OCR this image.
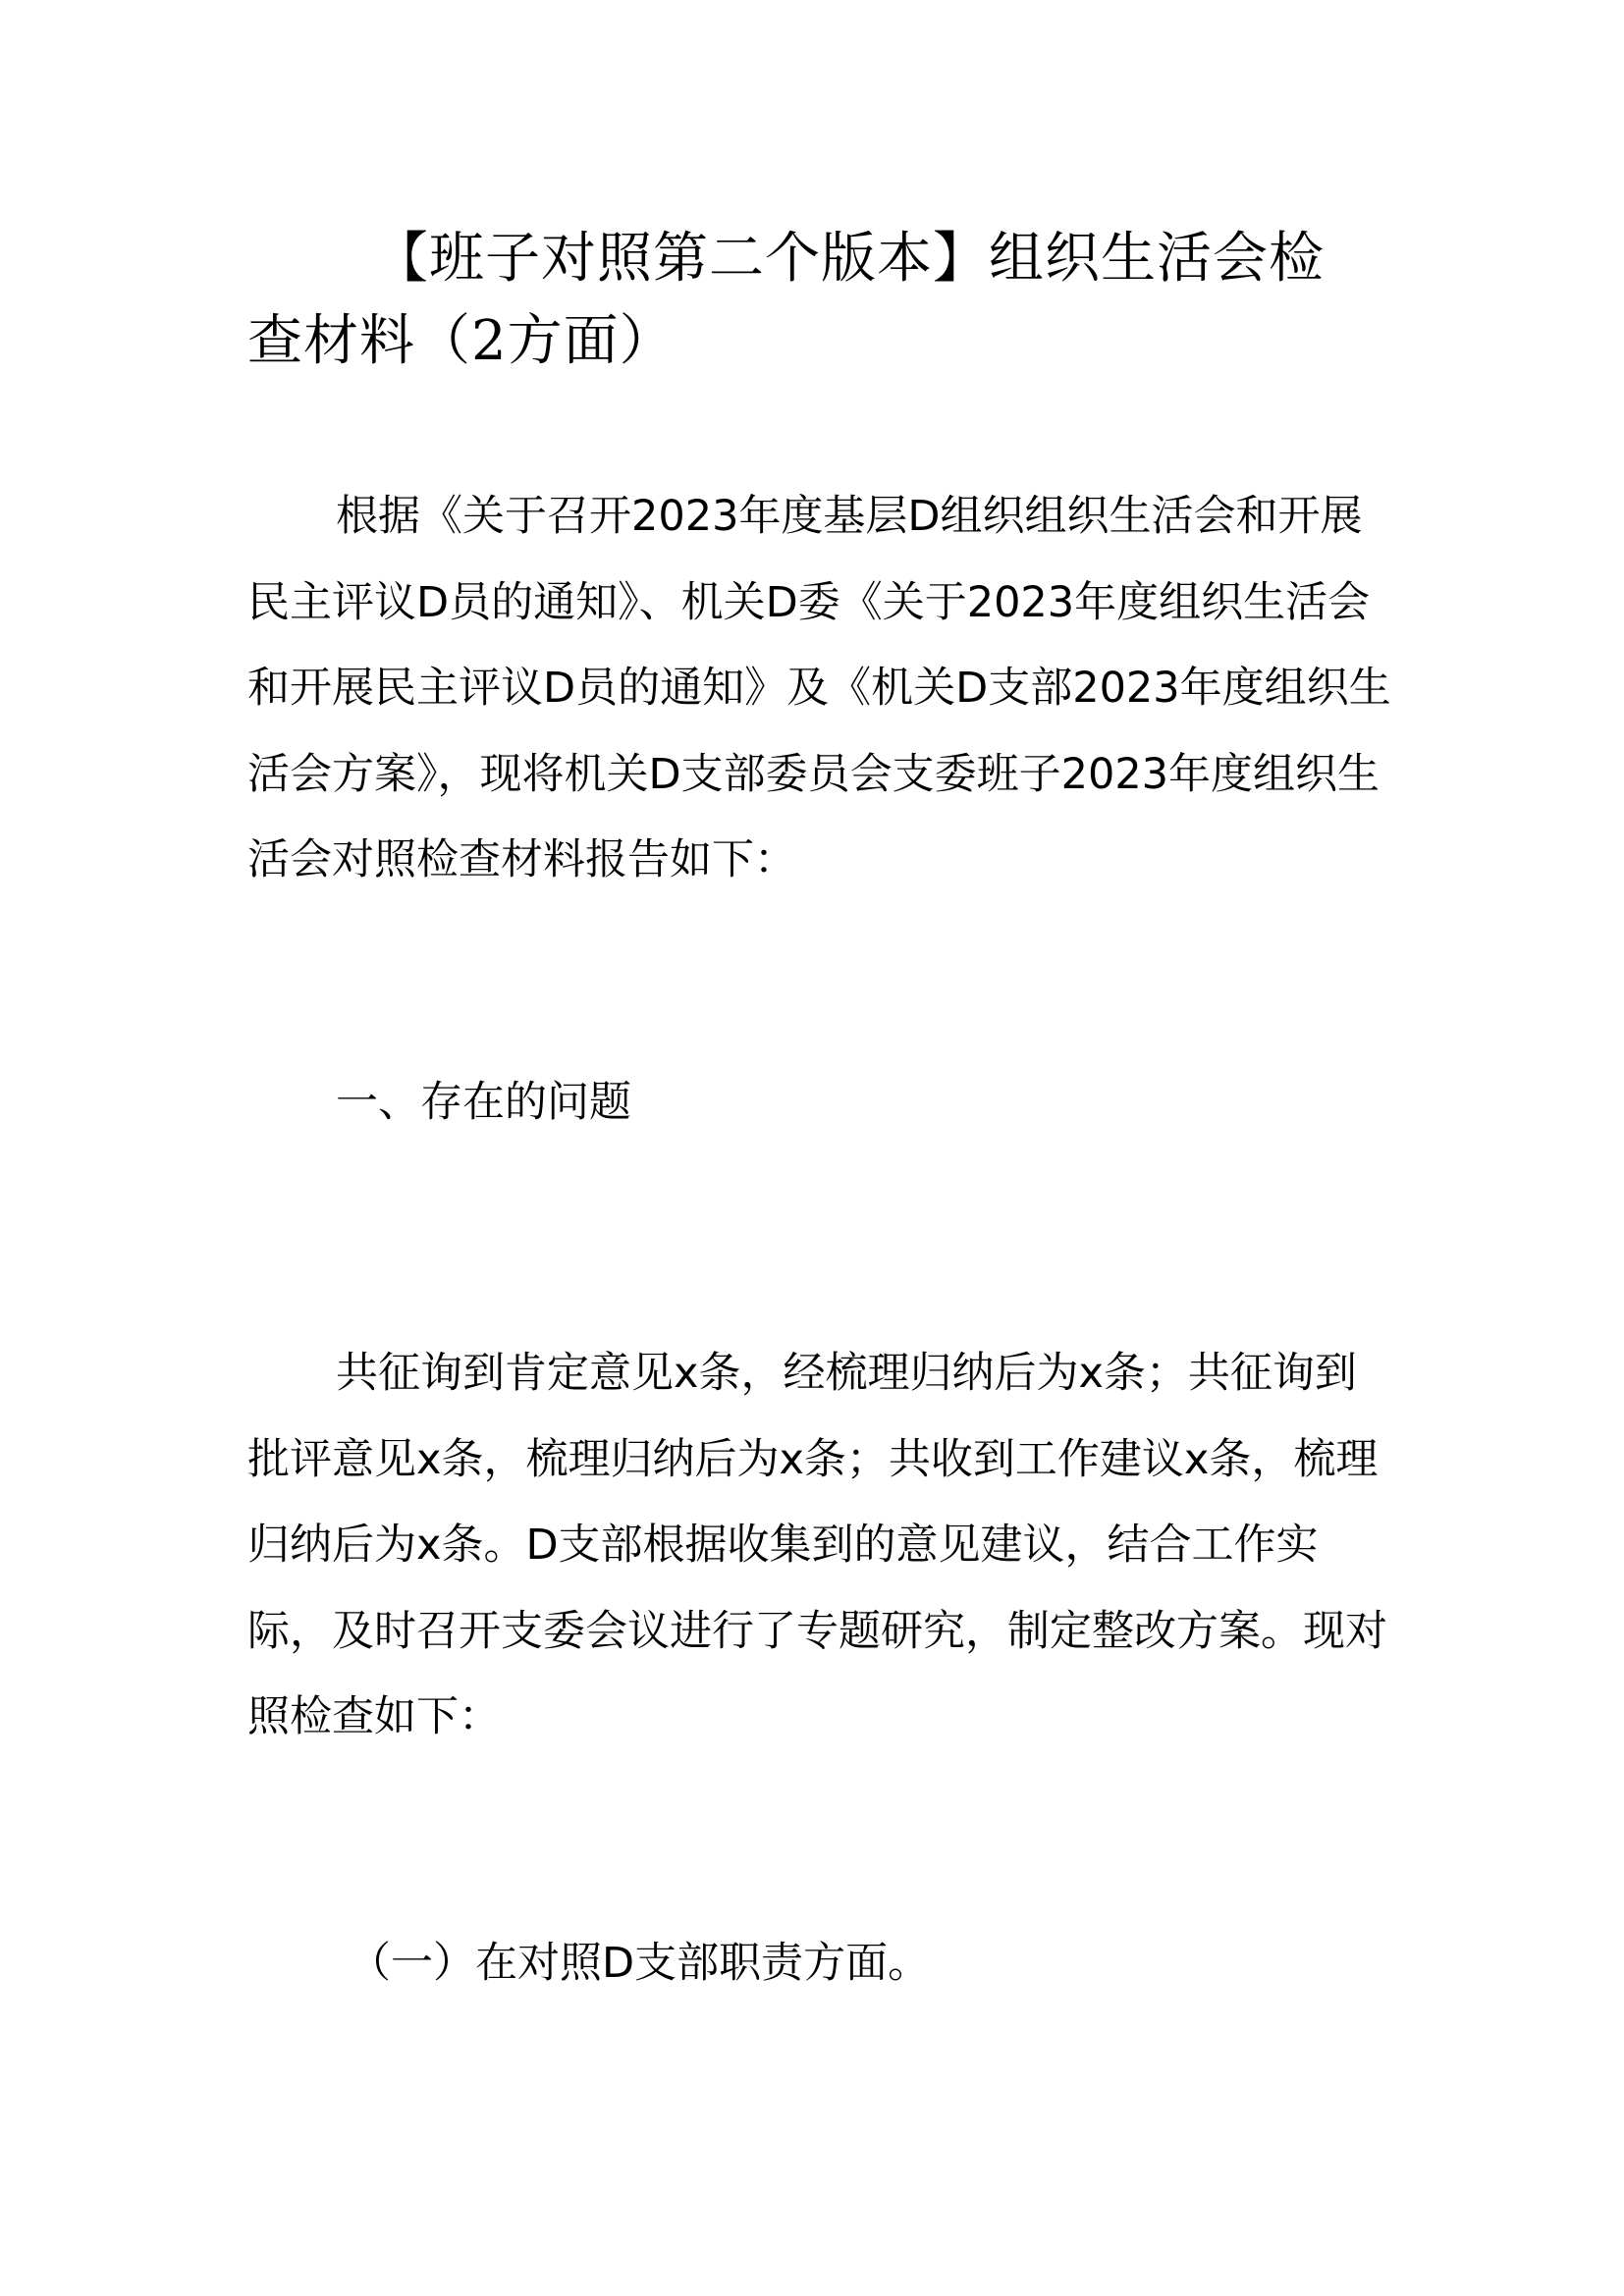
【班子对照第二个版本】组织生活会检查材料（2方面）

根据《关于召开2023年度基层D组织组织生活会和开展民主评议D员的通知》、机关D委《关于2023年度组织生活会和开展民主评议D员的通知》及《机关D支部2023年度组织生活会方案》，现将机关D支部委员会支委班子2023年度组织生活会对照检查材料报告如下：

一、存在的问题

共征询到肯定意见x条，经梳理归纳后为x条；共征询到批评意见x条，梳理归纳后为x条；共收到工作建议x条，梳理归纳后为x条。D支部根据收集到的意见建议，结合工作实际，及时召开支委会议进行了专题研究，制定整改方案。现对照检查如下：

（一）在对照D支部职责方面。
